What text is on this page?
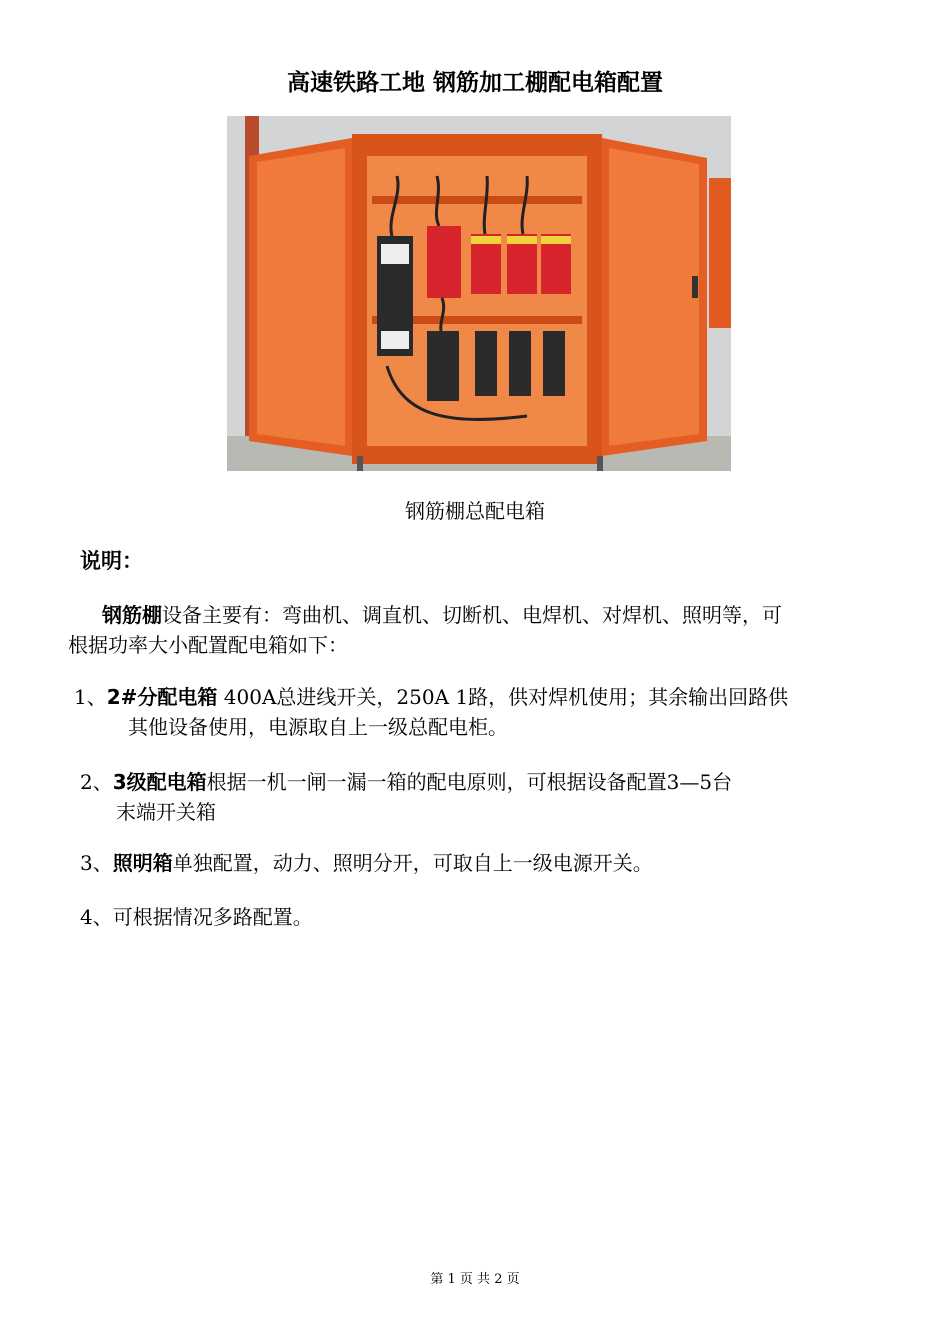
高速铁路工地 钢筋加工棚配电箱配置
钢筋棚总配电箱
说明：
钢筋棚设备主要有：弯曲机、调直机、切断机、电焊机、对焊机、照明等，可
根据功率大小配置配电箱如下：
1、2#分配电箱 400A总进线开关，250A 1路，供对焊机使用；其余输出回路供
其他设备使用，电源取自上一级总配电柜。
2、3级配电箱根据一机一闸一漏一箱的配电原则，可根据设备配置3—5台
末端开关箱
3、照明箱单独配置，动力、照明分开，可取自上一级电源开关。
4、可根据情况多路配置。
第 1 页 共 2 页
